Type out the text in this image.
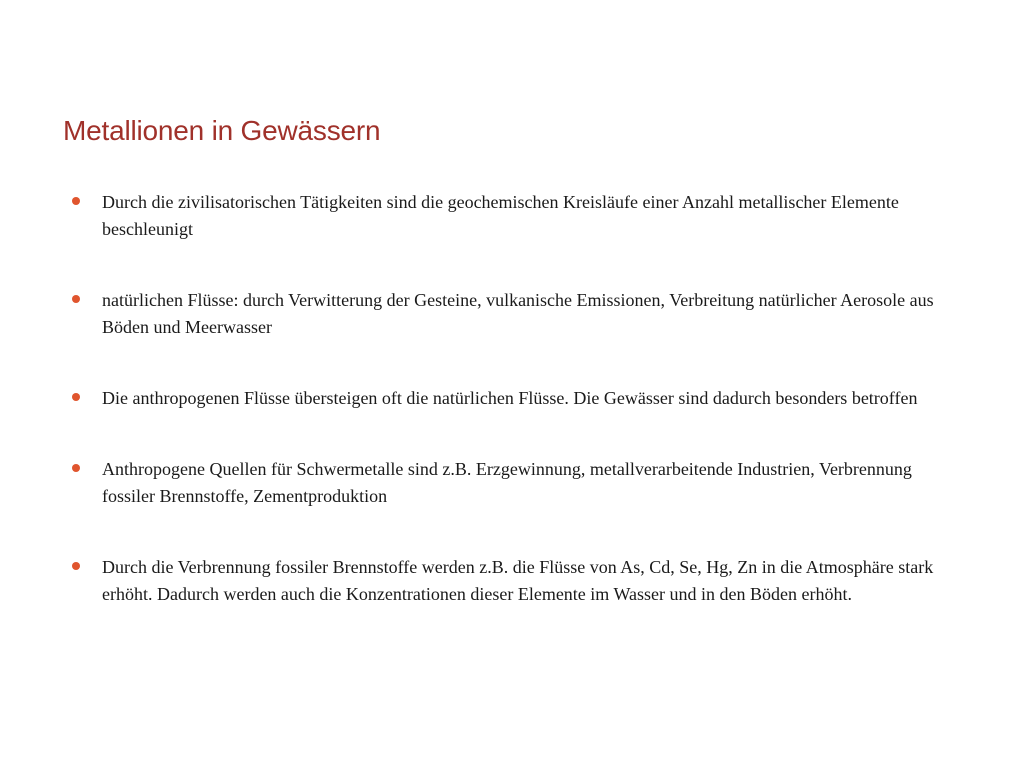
Metallionen in Gewässern
Durch die zivilisatorischen Tätigkeiten sind die geochemischen Kreisläufe einer Anzahl metallischer Elemente beschleunigt
natürlichen Flüsse: durch Verwitterung der Gesteine, vulkanische Emissionen, Verbreitung natürlicher Aerosole aus Böden und Meerwasser
Die anthropogenen Flüsse übersteigen oft die natürlichen Flüsse. Die Gewässer sind dadurch besonders betroffen
Anthropogene Quellen für Schwermetalle sind z.B. Erzgewinnung, metallverarbeitende Industrien, Verbrennung fossiler Brennstoffe, Zementproduktion
Durch die Verbrennung fossiler Brennstoffe werden z.B. die Flüsse von As, Cd, Se, Hg, Zn in die Atmosphäre stark erhöht. Dadurch werden auch die Konzentrationen dieser Elemente im Wasser und in den Böden erhöht.
